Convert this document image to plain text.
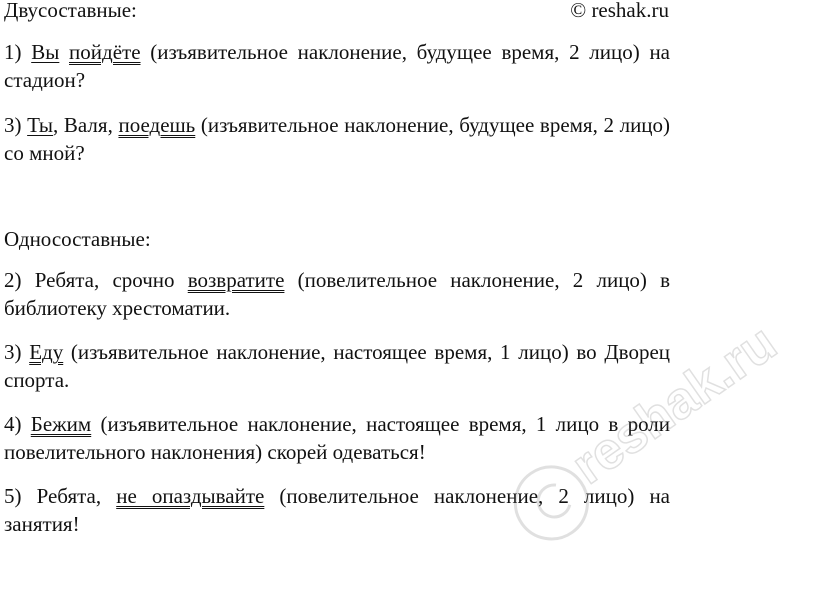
Двусоставные:	© reshak.ru

1) Вы пойдёте (изъявительное наклонение, будущее время, 2 лицо) на стадион?

3) Ты, Валя, поедешь (изъявительное наклонение, будущее время, 2 лицо) со мной?

Односоставные:

2) Ребята, срочно возвратите (повелительное наклонение, 2 лицо) в библиотеку хрестоматии.

3) Еду (изъявительное наклонение, настоящее время, 1 лицо) во Дворец спорта.

4) Бежим (изъявительное наклонение, настоящее время, 1 лицо в роли повелительного наклонения) скорей одеваться!

5) Ребята, не опаздывайте (повелительное наклонение, 2 лицо) на занятия!

reshak.ru
